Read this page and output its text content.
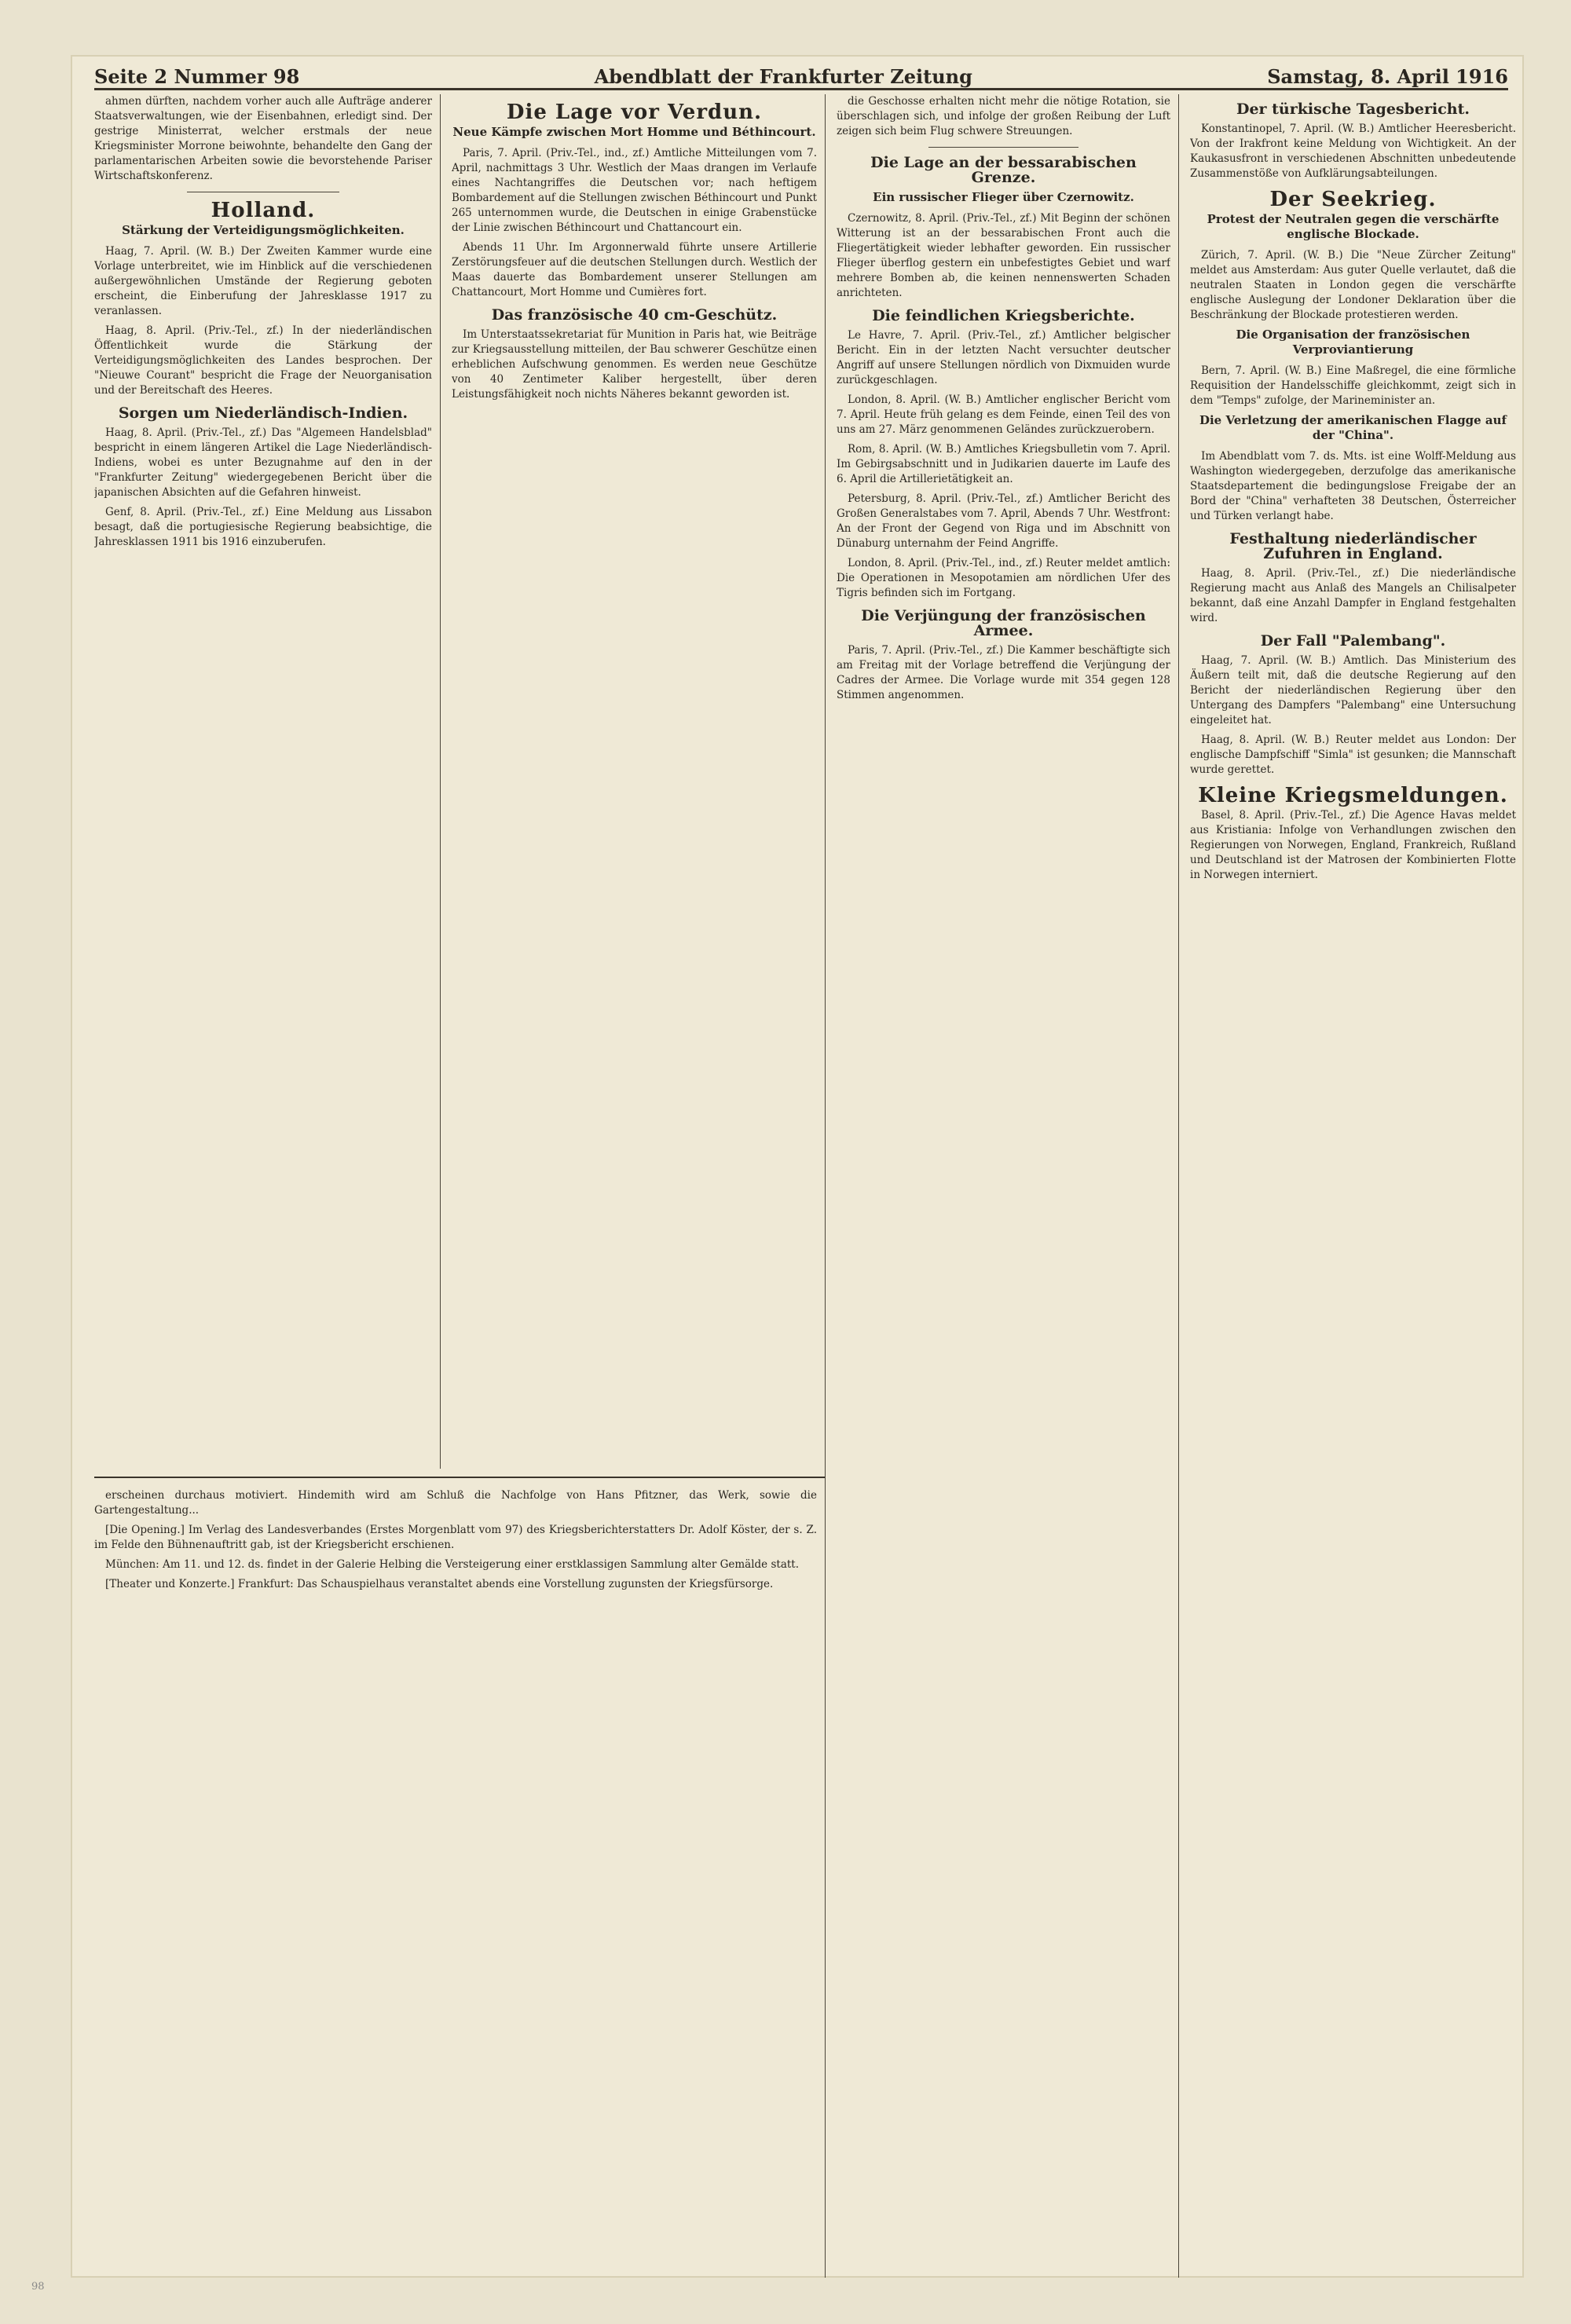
Seite 2 Nummer 98	Abendblatt der Frankfurter Zeitung	Samstag, 8. April 1916

ahmen dürften, nachdem vorher auch alle Aufträge anderer Staatsverwaltungen, wie der Eisenbahnen, erledigt sind. Der gestrige Ministerrat, welcher erstmals der neue Kriegsminister Morrone beiwohnte, behandelte den Gang der parlamentarischen Arbeiten sowie die bevorstehende Pariser Wirtschaftskonferenz.

Holland.
Stärkung der Verteidigungsmöglichkeiten.

Haag, 7. April. (W. B.) Der Zweiten Kammer wurde eine Vorlage unterbreitet, wie im Hinblick auf die verschiedenen außergewöhnlichen Umstände der Regierung geboten erscheint, die Einberufung der Jahresklasse 1917 zu veranlassen.

Haag, 8. April. (Priv.-Tel., zf.) In der niederländischen Öffentlichkeit wurde die Stärkung der Verteidigungsmöglichkeiten des Landes besprochen. Der "Nieuwe Courant" bespricht die Frage der Neuorganisation und der Bereitschaft des Heeres.

Sorgen um Niederländisch-Indien.

Haag, 8. April. (Priv.-Tel., zf.) Das "Algemeen Handelsblad" bespricht in einem längeren Artikel die Lage Niederländisch-Indiens, wobei es unter Bezugnahme auf den in der "Frankfurter Zeitung" wiedergegebenen Bericht über die japanischen Absichten auf die Gefahren hinweist.

Genf, 8. April. (Priv.-Tel., zf.) Eine Meldung aus Lissabon besagt, daß die portugiesische Regierung beabsichtige, die Jahresklassen 1911 bis 1916 einzuberufen.

Die Lage vor Verdun.
Neue Kämpfe zwischen Mort Homme und Béthincourt.

Paris, 7. April. (Priv.-Tel., ind., zf.) Amtliche Mitteilungen vom 7. April, nachmittags 3 Uhr. Westlich der Maas drangen im Verlaufe eines Nachtangriffes die Deutschen vor; nach heftigem Bombardement auf die Stellungen zwischen Béthincourt und Punkt 265 unternommen wurde, die Deutschen in einige Grabenstücke der Linie zwischen Béthincourt und Chattancourt ein.

Abends 11 Uhr. Im Argonnerwald führte unsere Artillerie Zerstörungsfeuer auf die deutschen Stellungen durch. Westlich der Maas dauerte das Bombardement unserer Stellungen am Chattancourt, Mort Homme und Cumières fort.

Das französische 40 cm-Geschütz.

Im Unterstaatssekretariat für Munition in Paris hat, wie Beiträge zur Kriegsausstellung mitteilen, der Bau schwerer Geschütze einen erheblichen Aufschwung genommen. Es werden neue Geschütze von 40 Zentimeter Kaliber hergestellt, über deren Leistungsfähigkeit noch nichts Näheres bekannt geworden ist.

erscheinen durchaus motiviert. Hindemith wird am Schluß die Nachfolge von Hans Pfitzner, das Werk, sowie die Gartengestaltung...

[Die Opening.] Im Verlag des Landesverbandes (Erstes Morgenblatt vom 97) des Kriegsberichterstatters Dr. Adolf Köster, der s. Z. im Felde den Bühnenauftritt gab, ist der Kriegsbericht erschienen.

München: Am 11. und 12. ds. findet in der Galerie Helbing die Versteigerung einer erstklassigen Sammlung alter Gemälde statt.

[Theater und Konzerte.] Frankfurt: Das Schauspielhaus veranstaltet abends eine Vorstellung zugunsten der Kriegsfürsorge.

die Geschosse erhalten nicht mehr die nötige Rotation, sie überschlagen sich, und infolge der großen Reibung der Luft zeigen sich beim Flug schwere Streuungen.

Die Lage an der bessarabischen Grenze.
Ein russischer Flieger über Czernowitz.

Czernowitz, 8. April. (Priv.-Tel., zf.) Mit Beginn der schönen Witterung ist an der bessarabischen Front auch die Fliegertätigkeit wieder lebhafter geworden. Ein russischer Flieger überflog gestern ein unbefestigtes Gebiet und warf mehrere Bomben ab, die keinen nennenswerten Schaden anrichteten.

Die feindlichen Kriegsberichte.

Le Havre, 7. April. (Priv.-Tel., zf.) Amtlicher belgischer Bericht. Ein in der letzten Nacht versuchter deutscher Angriff auf unsere Stellungen nördlich von Dixmuiden wurde zurückgeschlagen.

London, 8. April. (W. B.) Amtlicher englischer Bericht vom 7. April. Heute früh gelang es dem Feinde, einen Teil des von uns am 27. März genommenen Geländes zurückzuerobern.

Rom, 8. April. (W. B.) Amtliches Kriegsbulletin vom 7. April. Im Gebirgsabschnitt und in Judikarien dauerte im Laufe des 6. April die Artillerietätigkeit an.

Petersburg, 8. April. (Priv.-Tel., zf.) Amtlicher Bericht des Großen Generalstabes vom 7. April, Abends 7 Uhr. Westfront: An der Front der Gegend von Riga und im Abschnitt von Dünaburg unternahm der Feind Angriffe.

London, 8. April. (Priv.-Tel., ind., zf.) Reuter meldet amtlich: Die Operationen in Mesopotamien am nördlichen Ufer des Tigris befinden sich im Fortgang.

Die Verjüngung der französischen Armee.

Paris, 7. April. (Priv.-Tel., zf.) Die Kammer beschäftigte sich am Freitag mit der Vorlage betreffend die Verjüngung der Cadres der Armee. Die Vorlage wurde mit 354 gegen 128 Stimmen angenommen.

Der türkische Tagesbericht.

Konstantinopel, 7. April. (W. B.) Amtlicher Heeresbericht. Von der Irakfront keine Meldung von Wichtigkeit. An der Kaukasusfront in verschiedenen Abschnitten unbedeutende Zusammenstöße von Aufklärungsabteilungen.

Der Seekrieg.
Protest der Neutralen gegen die verschärfte englische Blockade.

Zürich, 7. April. (W. B.) Die "Neue Zürcher Zeitung" meldet aus Amsterdam: Aus guter Quelle verlautet, daß die neutralen Staaten in London gegen die verschärfte englische Auslegung der Londoner Deklaration über die Beschränkung der Blockade protestieren werden.

Die Organisation der französischen Verproviantierung

Bern, 7. April. (W. B.) Eine Maßregel, die eine förmliche Requisition der Handelsschiffe gleichkommt, zeigt sich in dem "Temps" zufolge, der Marineminister an.

Die Verletzung der amerikanischen Flagge auf der "China".

Im Abendblatt vom 7. ds. Mts. ist eine Wolff-Meldung aus Washington wiedergegeben, derzufolge das amerikanische Staatsdepartement die bedingungslose Freigabe der an Bord der "China" verhafteten 38 Deutschen, Österreicher und Türken verlangt habe.

Festhaltung niederländischer Zufuhren in England.

Haag, 8. April. (Priv.-Tel., zf.) Die niederländische Regierung macht aus Anlaß des Mangels an Chilisalpeter bekannt, daß eine Anzahl Dampfer in England festgehalten wird.

Der Fall "Palembang".

Haag, 7. April. (W. B.) Amtlich. Das Ministerium des Äußern teilt mit, daß die deutsche Regierung auf den Bericht der niederländischen Regierung über den Untergang des Dampfers "Palembang" eine Untersuchung eingeleitet hat.

Haag, 8. April. (W. B.) Reuter meldet aus London: Der englische Dampfschiff "Simla" ist gesunken; die Mannschaft wurde gerettet.

Kleine Kriegsmeldungen.

Basel, 8. April. (Priv.-Tel., zf.) Die Agence Havas meldet aus Kristiania: Infolge von Verhandlungen zwischen den Regierungen von Norwegen, England, Frankreich, Rußland und Deutschland ist der Matrosen der Kombinierten Flotte in Norwegen interniert.

98
